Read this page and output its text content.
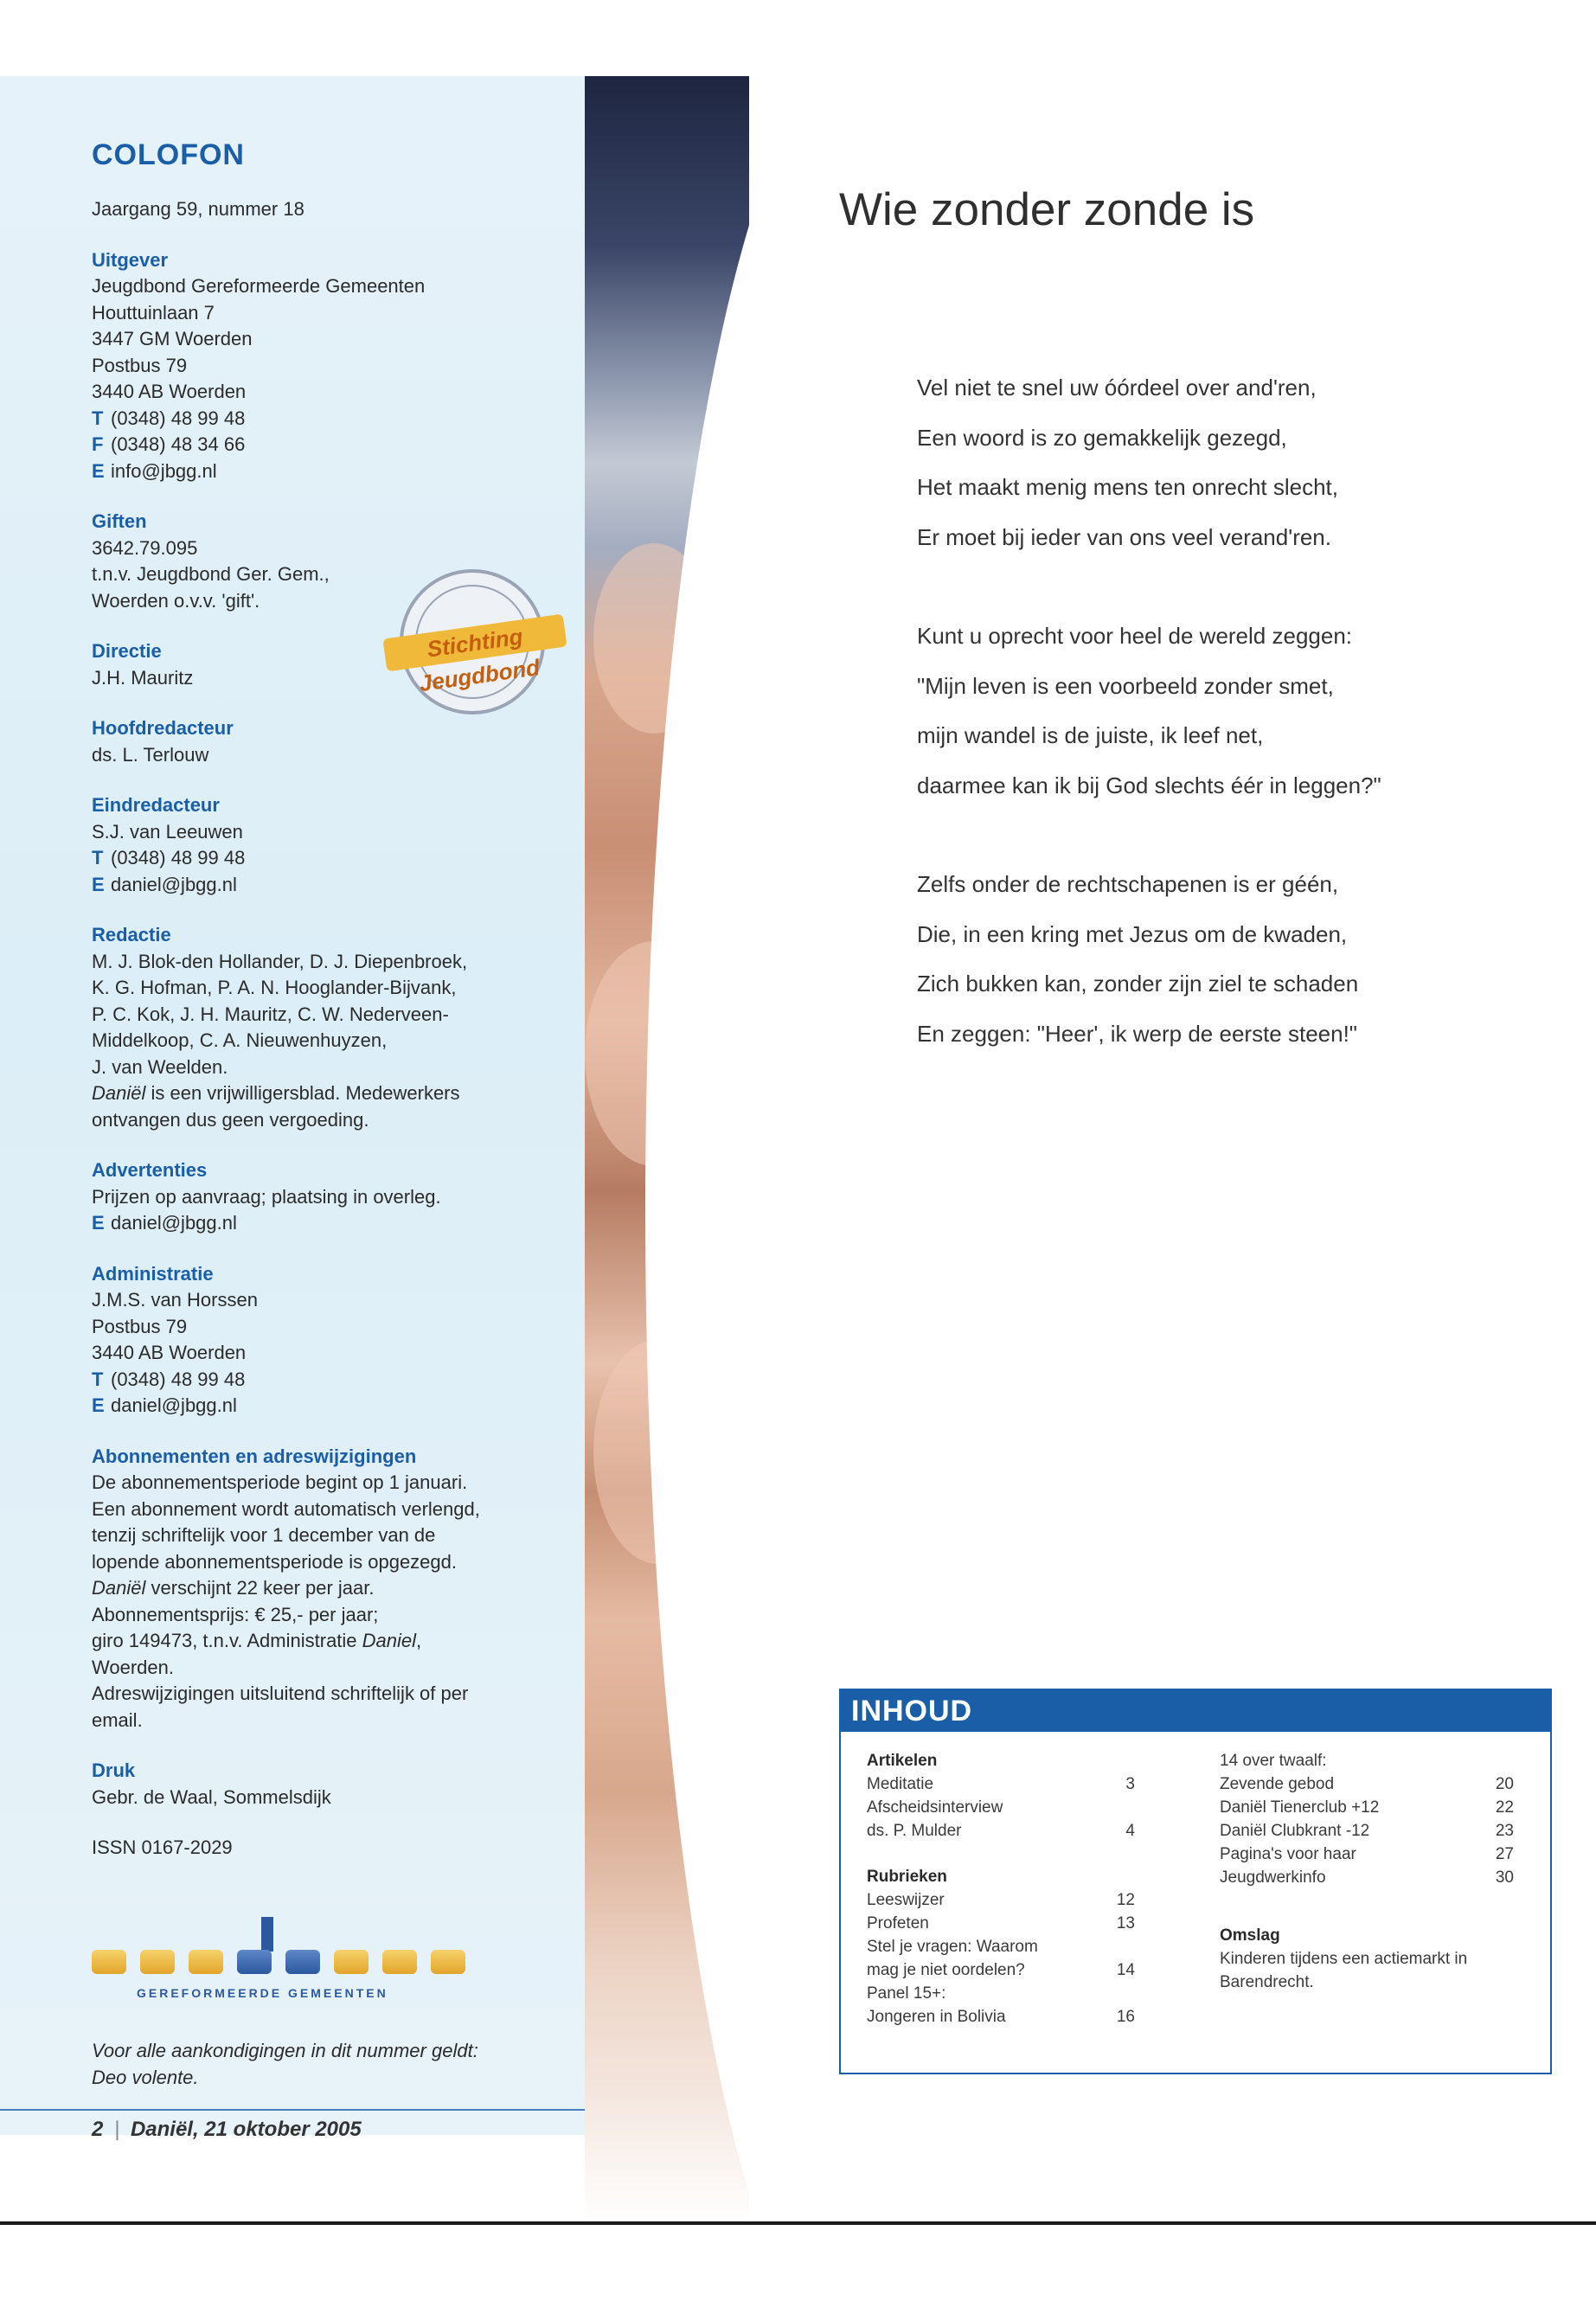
COLOFON
Jaargang 59, nummer 18
Uitgever
Jeugdbond Gereformeerde Gemeenten
Houttuinlaan 7
3447 GM Woerden
Postbus 79
3440 AB Woerden
T (0348) 48 99 48
F (0348) 48 34 66
E info@jbgg.nl
Giften
3642.79.095
t.n.v. Jeugdbond Ger. Gem.,
Woerden o.v.v. 'gift'.
Directie
J.H. Mauritz
Hoofdredacteur
ds. L. Terlouw
Eindredacteur
S.J. van Leeuwen
T (0348) 48 99 48
E daniel@jbgg.nl
Redactie
M. J. Blok-den Hollander, D. J. Diepenbroek,
K. G. Hofman, P. A. N. Hooglander-Bijvank,
P. C. Kok, J. H. Mauritz, C. W. Nederveen-
Middelkoop, C. A. Nieuwenhuyzen,
J. van Weelden.
Daniël is een vrijwilligersblad. Medewerkers
ontvangen dus geen vergoeding.
Advertenties
Prijzen op aanvraag; plaatsing in overleg.
E daniel@jbgg.nl
Administratie
J.M.S. van Horssen
Postbus 79
3440 AB Woerden
T (0348) 48 99 48
E daniel@jbgg.nl
Abonnementen en adreswijzigingen
De abonnementsperiode begint op 1 januari.
Een abonnement wordt automatisch verlengd,
tenzij schriftelijk voor 1 december van de
lopende abonnementsperiode is opgezegd.
Daniël verschijnt 22 keer per jaar.
Abonnementsprijs: € 25,- per jaar;
giro 149473, t.n.v. Administratie Daniel,
Woerden.
Adreswijzigingen uitsluitend schriftelijk of per
email.
Druk
Gebr. de Waal, Sommelsdijk
ISSN 0167-2029
Stichting Jeugdbond
GEREFORMEERDE GEMEENTEN
Voor alle aankondigingen in dit nummer geldt:
Deo volente.
2 | Daniël, 21 oktober 2005
Wie zonder zonde is
Vel niet te snel uw óórdeel over and'ren,
Een woord is zo gemakkelijk gezegd,
Het maakt menig mens ten onrecht slecht,
Er moet bij ieder van ons veel verand'ren.
Kunt u oprecht voor heel de wereld zeggen:
"Mijn leven is een voorbeeld zonder smet,
mijn wandel is de juiste, ik leef net,
daarmee kan ik bij God slechts éér in leggen?"
Zelfs onder de rechtschapenen is er géén,
Die, in een kring met Jezus om de kwaden,
Zich bukken kan, zonder zijn ziel te schaden
En zeggen: "Heer', ik werp de eerste steen!"
INHOUD
Artikelen
Meditatie	3
Afscheidsinterview
ds. P. Mulder	4
Rubrieken
Leeswijzer	12
Profeten	13
Stel je vragen: Waarom
mag je niet oordelen?	14
Panel 15+:
Jongeren in Bolivia	16
14 over twaalf:
Zevende gebod	20
Daniël Tienerclub +12	22
Daniël Clubkrant -12	23
Pagina's voor haar	27
Jeugdwerkinfo	30
Omslag
Kinderen tijdens een actiemarkt in
Barendrecht.
